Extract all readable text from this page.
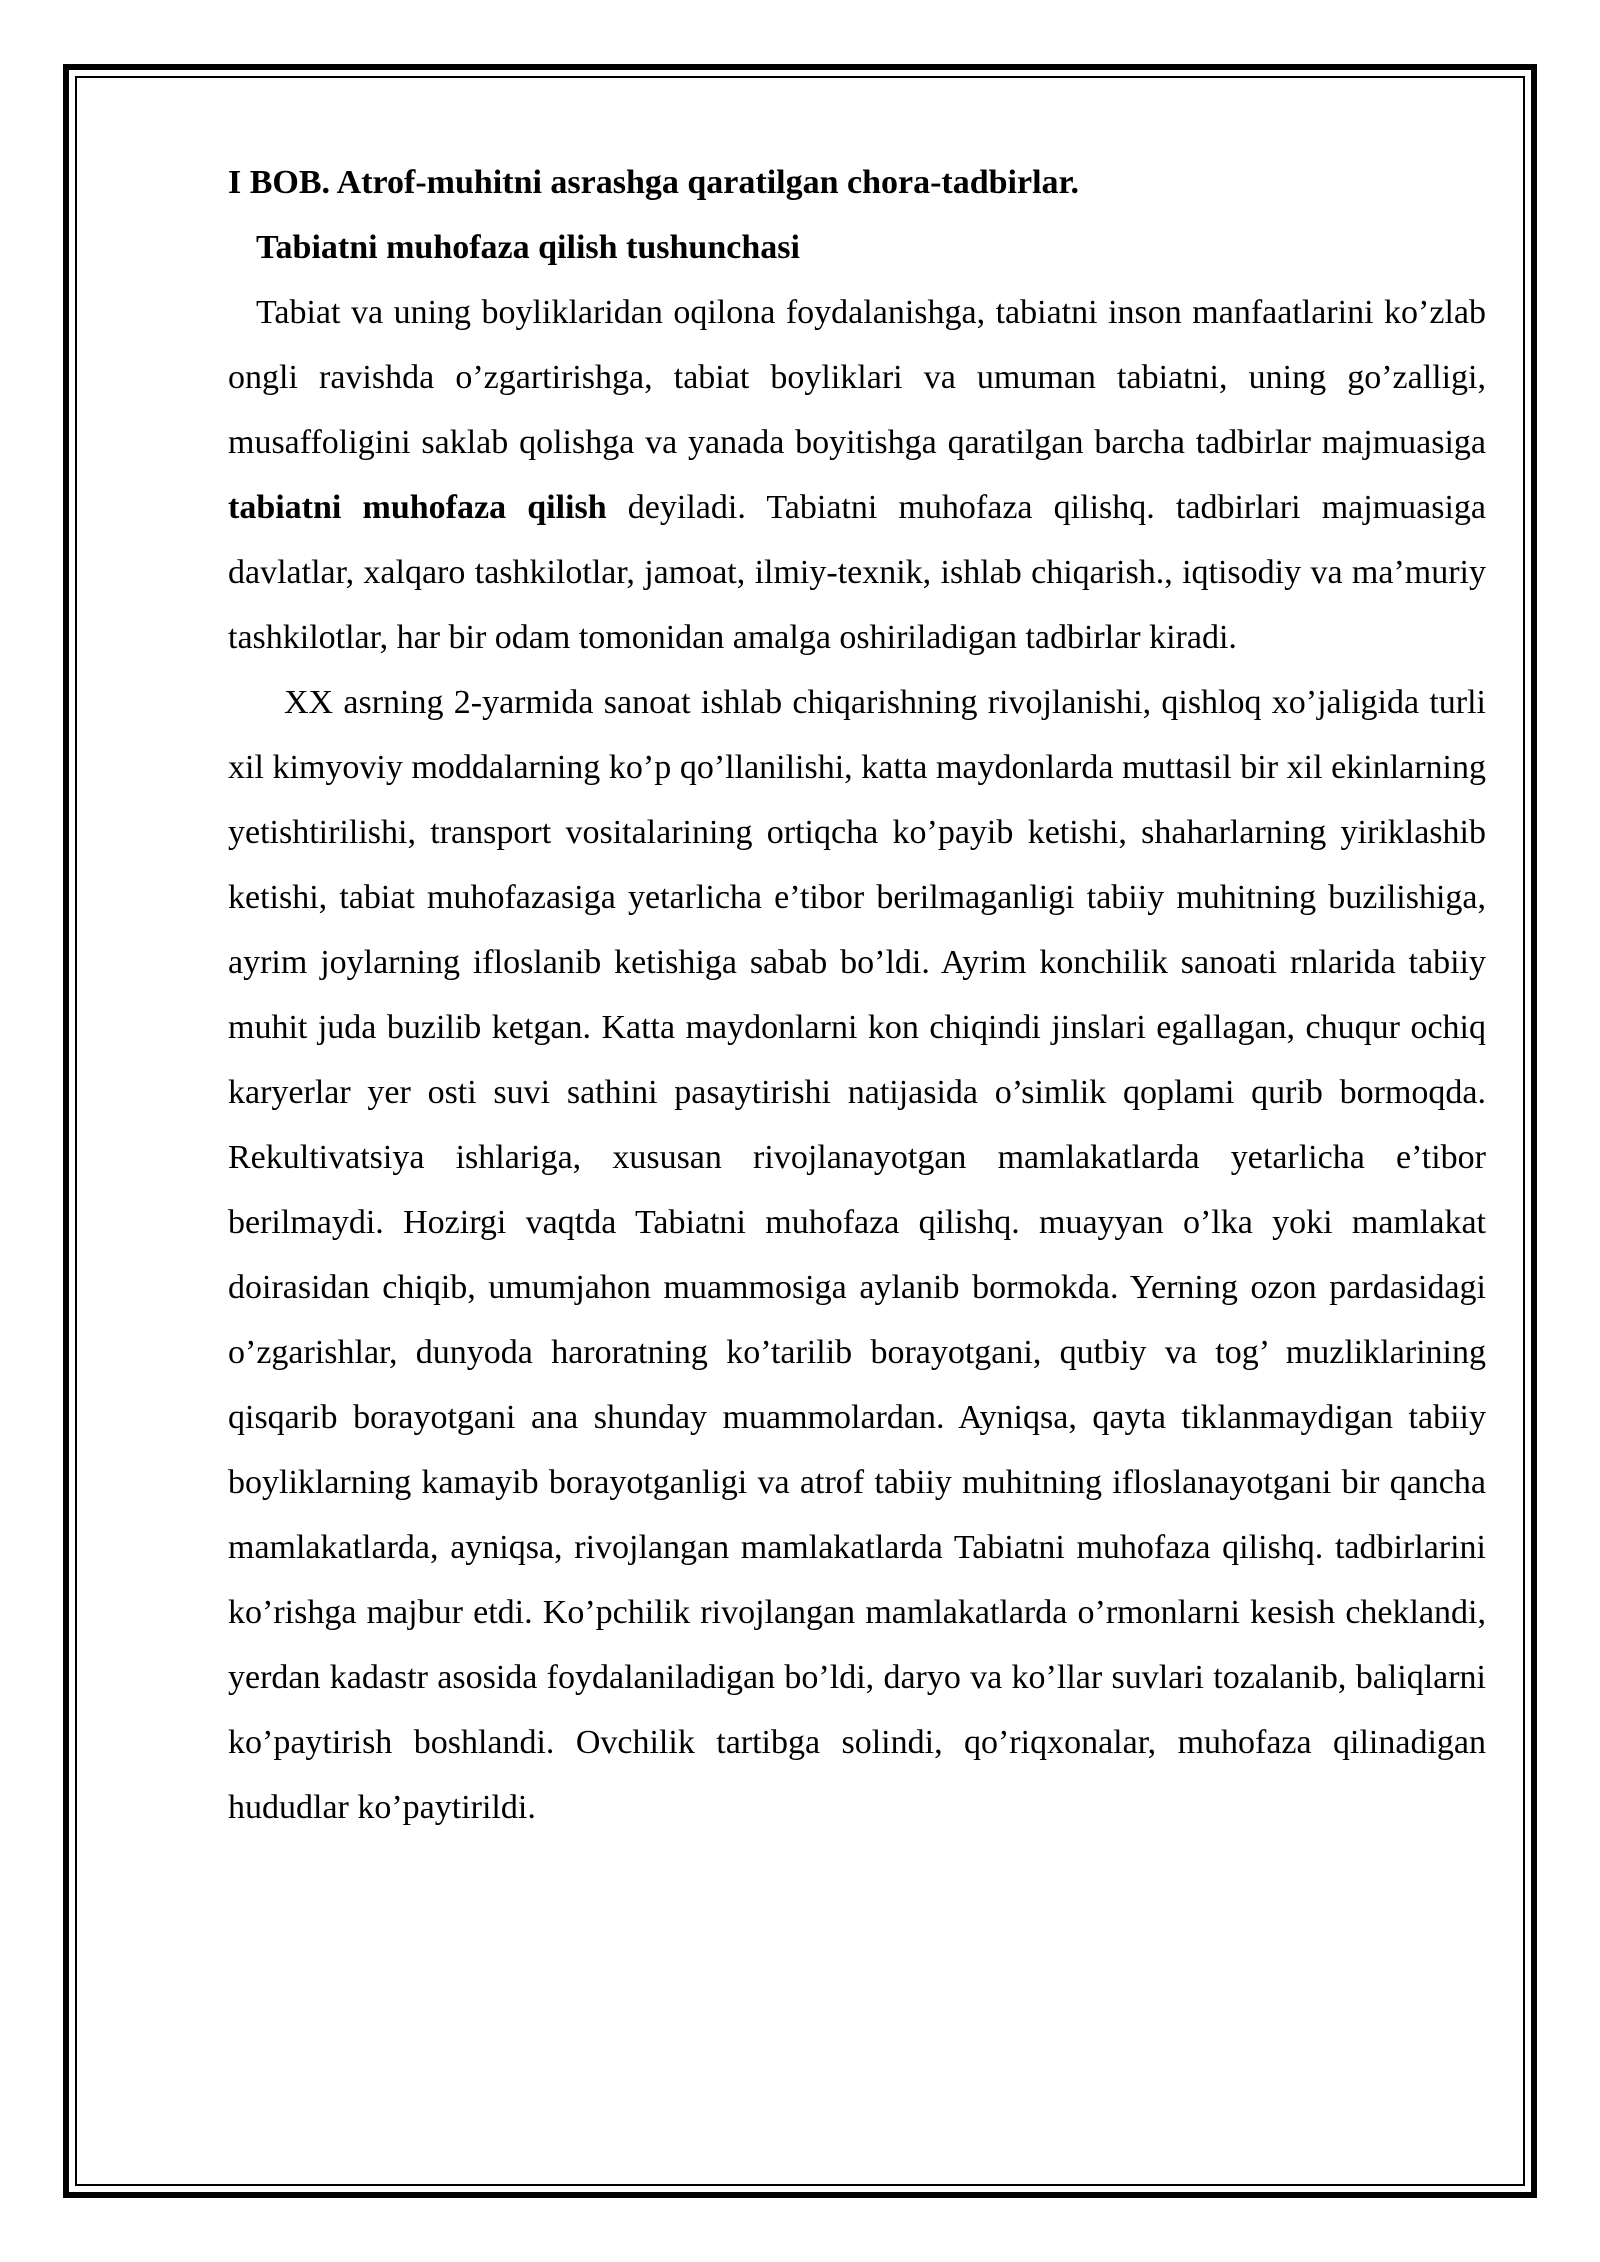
I BOB. Atrof-muhitni asrashga qaratilgan chora-tadbirlar.
Tabiatni muhofaza qilish tushunchasi

Tabiat va uning boyliklaridan oqilona foydalanishga, tabiatni inson manfaatlarini ko’zlab ongli ravishda o’zgartirishga, tabiat boyliklari va umuman tabiatni, uning go’zalligi, musaffoligini saklab qolishga va yanada boyitishga qaratilgan barcha tadbirlar majmuasiga tabiatni muhofaza qilish deyiladi. Tabiatni muhofaza qilishq. tadbirlari majmuasiga davlatlar, xalqaro tashkilotlar, jamoat, ilmiy-texnik, ishlab chiqarish., iqtisodiy va ma’muriy tashkilotlar, har bir odam tomonidan amalga oshiriladigan tadbirlar kiradi.

XX asrning 2-yarmida sanoat ishlab chiqarishning rivojlanishi, qishloq xo’jaligida turli xil kimyoviy moddalarning ko’p qo’llanilishi, katta maydonlarda muttasil bir xil ekinlarning yetishtirilishi, transport vositalarining ortiqcha ko’payib ketishi, shaharlarning yiriklashib ketishi, tabiat muhofazasiga yetarlicha e’tibor berilmaganligi tabiiy muhitning buzilishiga, ayrim joylarning ifloslanib ketishiga sabab bo’ldi. Ayrim konchilik sanoati rnlarida tabiiy muhit juda buzilib ketgan. Katta maydonlarni kon chiqindi jinslari egallagan, chuqur ochiq karyerlar yer osti suvi sathini pasaytirishi natijasida o’simlik qoplami qurib bormoqda. Rekultivatsiya ishlariga, xususan rivojlanayotgan mamlakatlarda yetarlicha e’tibor berilmaydi. Hozirgi vaqtda Tabiatni muhofaza qilishq. muayyan o’lka yoki mamlakat doirasidan chiqib, umumjahon muammosiga aylanib bormokda. Yerning ozon pardasidagi o’zgarishlar, dunyoda haroratning ko’tarilib borayotgani, qutbiy va tog’ muzliklarining qisqarib borayotgani ana shunday muammolardan. Ayniqsa, qayta tiklanmaydigan tabiiy boyliklarning kamayib borayotganligi va atrof tabiiy muhitning ifloslanayotgani bir qancha mamlakatlarda, ayniqsa, rivojlangan mamlakatlarda Tabiatni muhofaza qilishq. tadbirlarini ko’rishga majbur etdi. Ko’pchilik rivojlangan mamlakatlarda o’rmonlarni kesish cheklandi, yerdan kadastr asosida foydalaniladigan bo’ldi, daryo va ko’llar suvlari tozalanib, baliqlarni ko’paytirish boshlandi. Ovchilik tartibga solindi, qo’riqxonalar, muhofaza qilinadigan hududlar ko’paytirildi.
